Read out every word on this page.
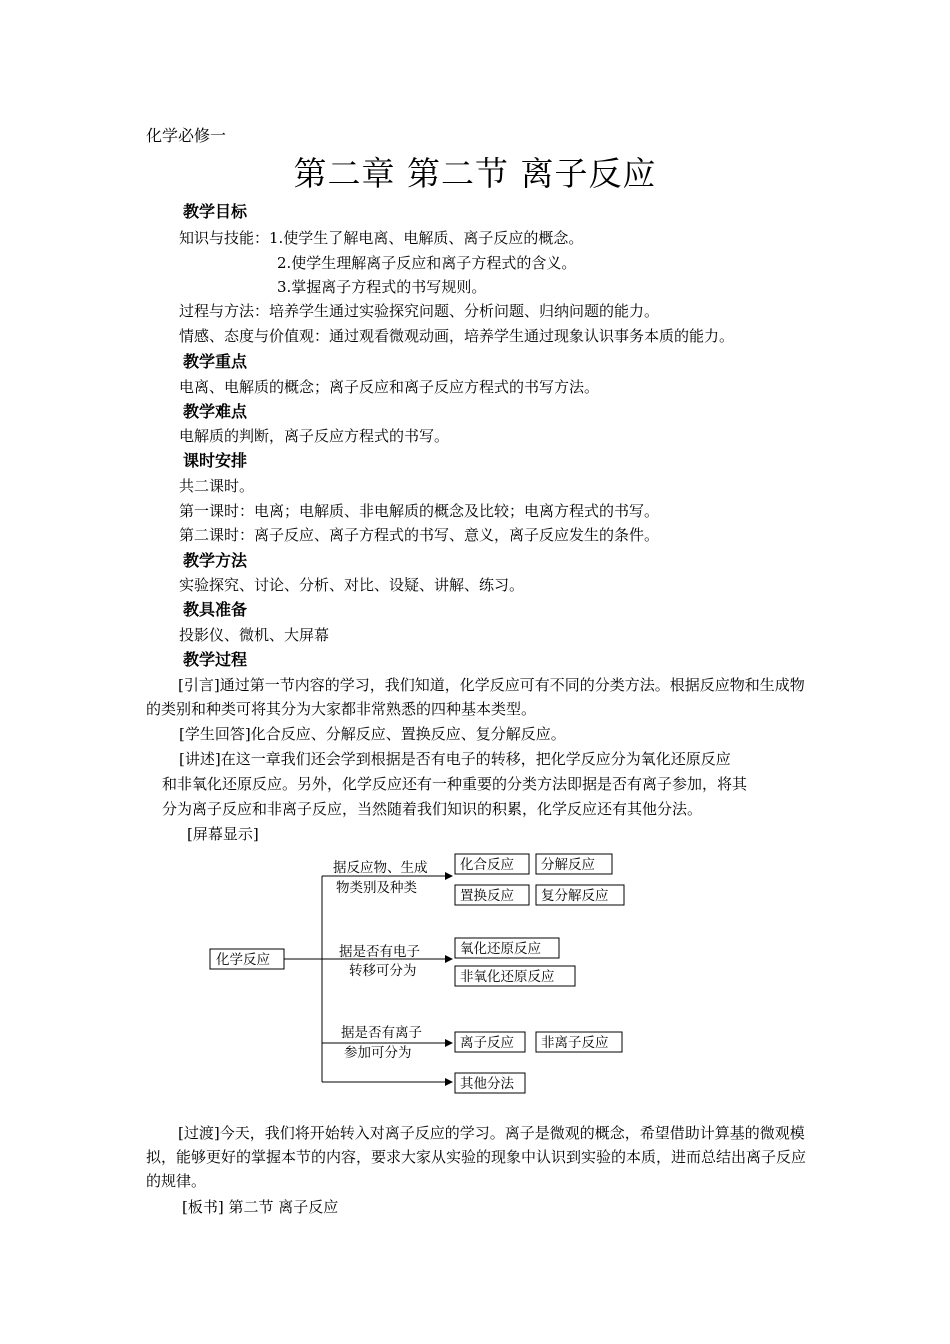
化学必修一
第二章 第二节 离子反应
教学目标
知识与技能：1.使学生了解电离、电解质、离子反应的概念。
2.使学生理解离子反应和离子方程式的含义。
3.掌握离子方程式的书写规则。
过程与方法：培养学生通过实验探究问题、分析问题、归纳问题的能力。
情感、态度与价值观：通过观看微观动画，培养学生通过现象认识事务本质的能力。
教学重点
电离、电解质的概念；离子反应和离子反应方程式的书写方法。
教学难点
电解质的判断，离子反应方程式的书写。
课时安排
共二课时。
第一课时：电离；电解质、非电解质的概念及比较；电离方程式的书写。
第二课时：离子反应、离子方程式的书写、意义，离子反应发生的条件。
教学方法
实验探究、讨论、分析、对比、设疑、讲解、练习。
教具准备
投影仪、微机、大屏幕
教学过程
[引言]通过第一节内容的学习，我们知道，化学反应可有不同的分类方法。根据反应物和生成物的类别和种类可将其分为大家都非常熟悉的四种基本类型。
[学生回答]化合反应、分解反应、置换反应、复分解反应。
[讲述]在这一章我们还会学到根据是否有电子的转移，把化学反应分为氧化还原反应
和非氧化还原反应。另外，化学反应还有一种重要的分类方法即据是否有离子参加，将其
分为离子反应和非离子反应，当然随着我们知识的积累，化学反应还有其他分法。
[屏幕显示]
化学反应
据反应物、生成
物类别及种类
据是否有电子
转移可分为
据是否有离子
参加可分为
化合反应 分解反应
置换反应 复分解反应
氧化还原反应
非氧化还原反应
离子反应 非离子反应
其他分法
[过渡]今天，我们将开始转入对离子反应的学习。离子是微观的概念，希望借助计算基的微观模拟，能够更好的掌握本节的内容，要求大家从实验的现象中认识到实验的本质，进而总结出离子反应的规律。
[板书] 第二节 离子反应
